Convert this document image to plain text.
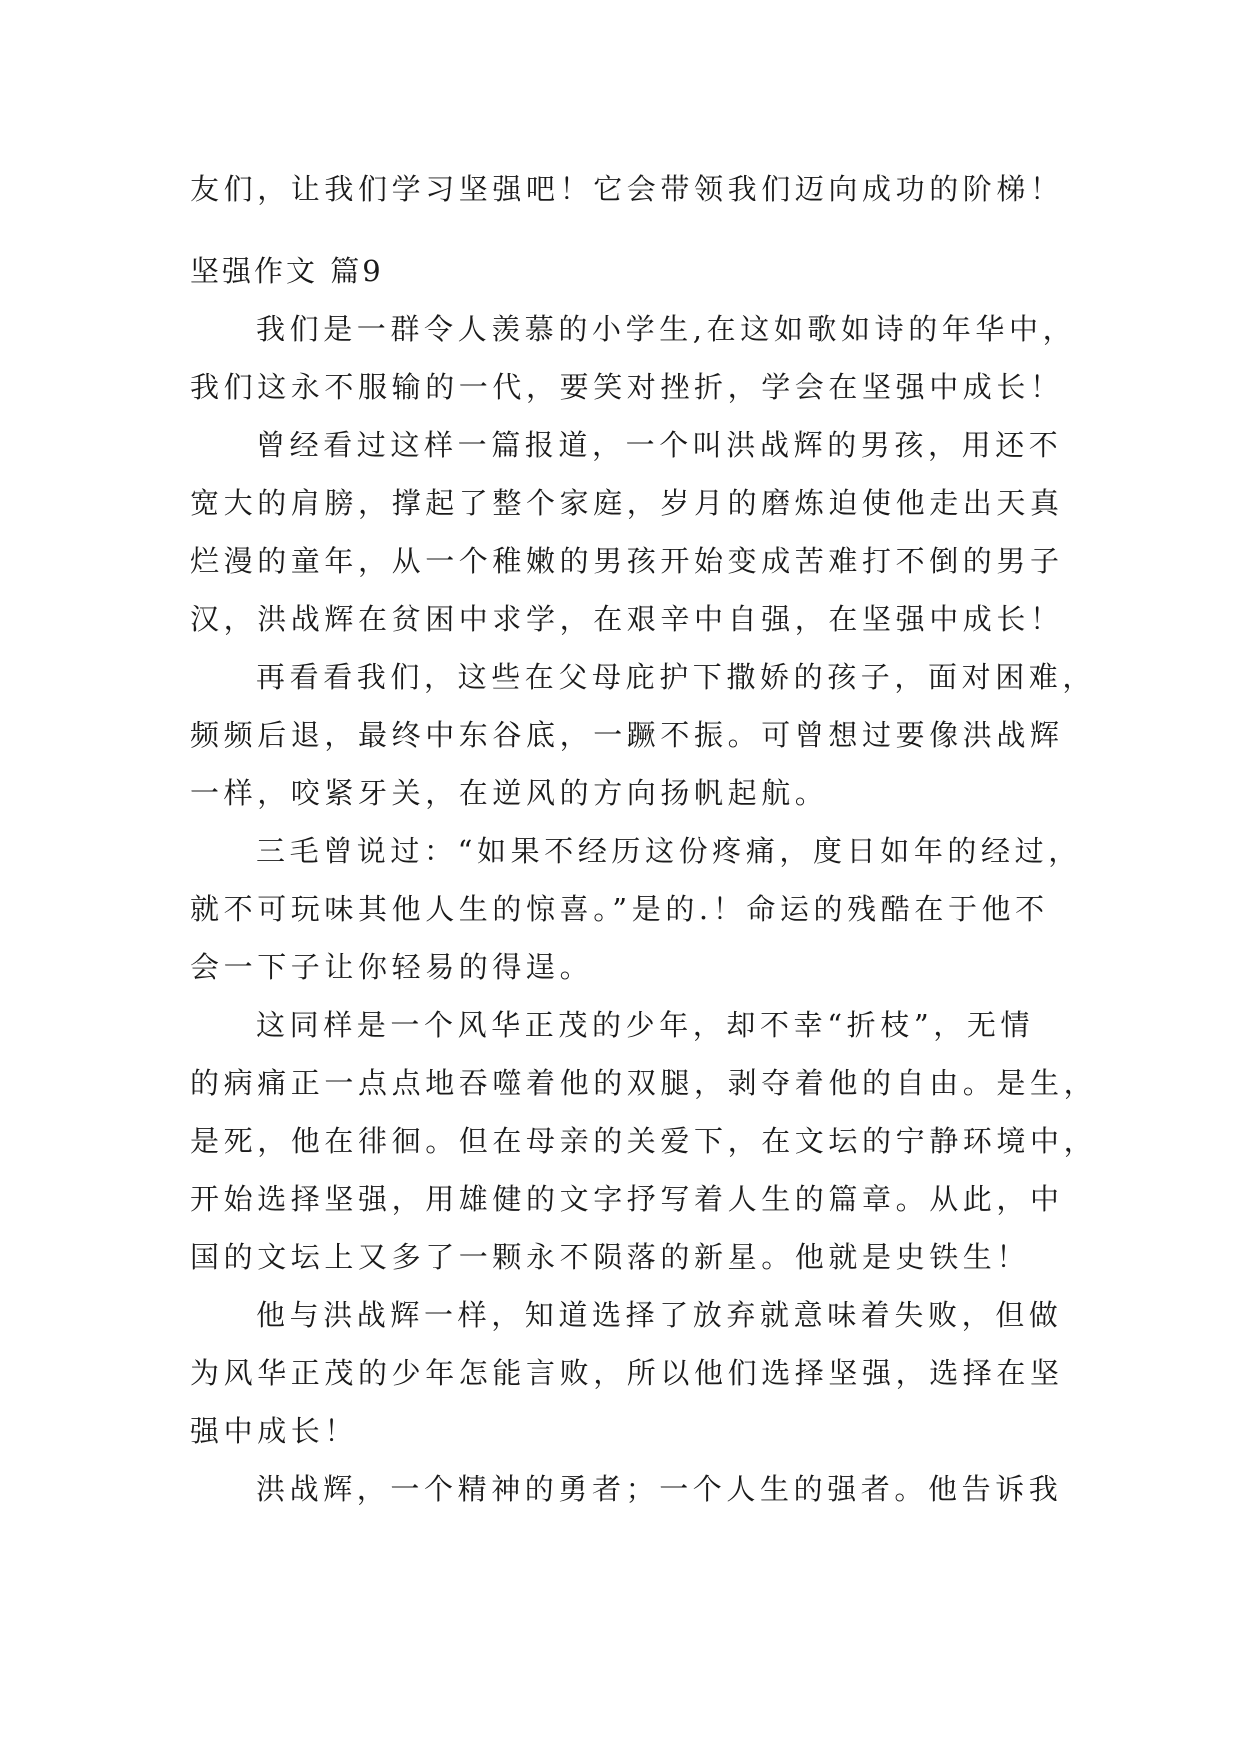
友们，让我们学习坚强吧！它会带领我们迈向成功的阶梯！
坚强作文 篇9
我们是一群令人羡慕的小学生,在这如歌如诗的年华中，
我们这永不服输的一代，要笑对挫折，学会在坚强中成长！
曾经看过这样一篇报道，一个叫洪战辉的男孩，用还不
宽大的肩膀，撑起了整个家庭，岁月的磨炼迫使他走出天真
烂漫的童年，从一个稚嫩的男孩开始变成苦难打不倒的男子
汉，洪战辉在贫困中求学，在艰辛中自强，在坚强中成长！
再看看我们，这些在父母庇护下撒娇的孩子，面对困难，
频频后退，最终中东谷底，一蹶不振。可曾想过要像洪战辉
一样，咬紧牙关，在逆风的方向扬帆起航。
三毛曾说过：“如果不经历这份疼痛，度日如年的经过，
就不可玩味其他人生的惊喜。”是的.！命运的残酷在于他不
会一下子让你轻易的得逞。
这同样是一个风华正茂的少年，却不幸“折枝”，无情
的病痛正一点点地吞噬着他的双腿，剥夺着他的自由。是生，
是死，他在徘徊。但在母亲的关爱下，在文坛的宁静环境中，
开始选择坚强，用雄健的文字抒写着人生的篇章。从此，中
国的文坛上又多了一颗永不陨落的新星。他就是史铁生！
他与洪战辉一样，知道选择了放弃就意味着失败，但做
为风华正茂的少年怎能言败，所以他们选择坚强，选择在坚
强中成长！
洪战辉，一个精神的勇者；一个人生的强者。他告诉我
